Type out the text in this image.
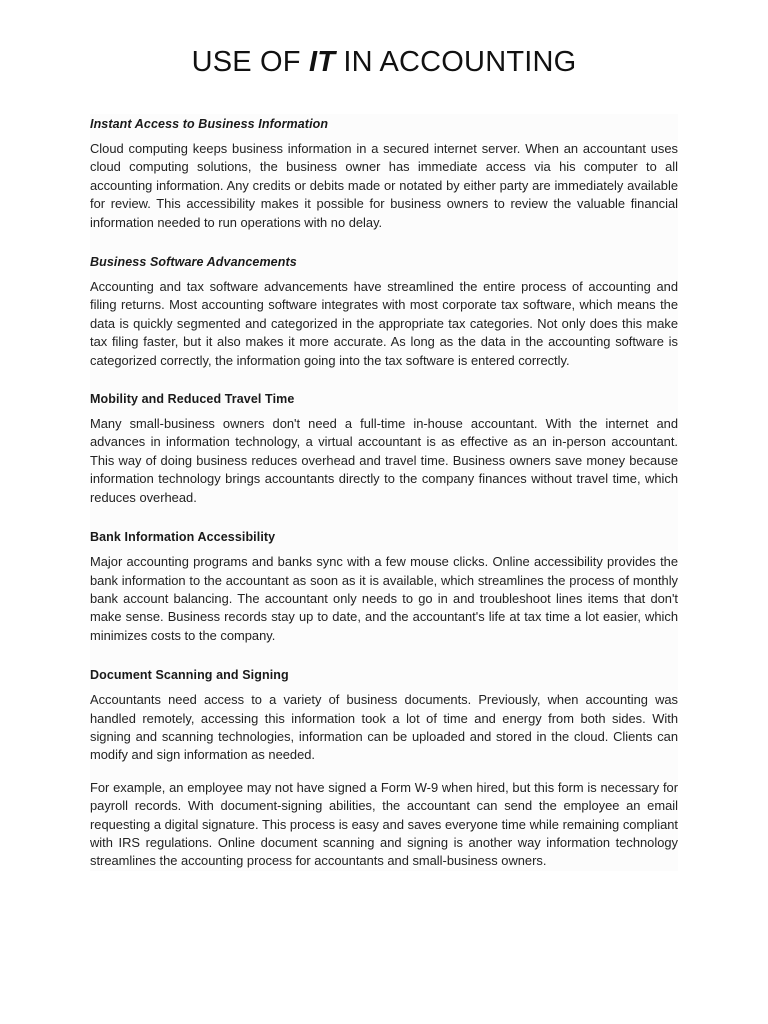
USE OF IT IN ACCOUNTING
Instant Access to Business Information

Cloud computing keeps business information in a secured internet server. When an accountant uses cloud computing solutions, the business owner has immediate access via his computer to all accounting information. Any credits or debits made or notated by either party are immediately available for review. This accessibility makes it possible for business owners to review the valuable financial information needed to run operations with no delay.

Business Software Advancements

Accounting and tax software advancements have streamlined the entire process of accounting and filing returns. Most accounting software integrates with most corporate tax software, which means the data is quickly segmented and categorized in the appropriate tax categories. Not only does this make tax filing faster, but it also makes it more accurate. As long as the data in the accounting software is categorized correctly, the information going into the tax software is entered correctly.

Mobility and Reduced Travel Time

Many small-business owners don't need a full-time in-house accountant. With the internet and advances in information technology, a virtual accountant is as effective as an in-person accountant. This way of doing business reduces overhead and travel time. Business owners save money because information technology brings accountants directly to the company finances without travel time, which reduces overhead.

Bank Information Accessibility

Major accounting programs and banks sync with a few mouse clicks. Online accessibility provides the bank information to the accountant as soon as it is available, which streamlines the process of monthly bank account balancing. The accountant only needs to go in and troubleshoot lines items that don't make sense. Business records stay up to date, and the accountant's life at tax time a lot easier, which minimizes costs to the company.

Document Scanning and Signing

Accountants need access to a variety of business documents. Previously, when accounting was handled remotely, accessing this information took a lot of time and energy from both sides. With signing and scanning technologies, information can be uploaded and stored in the cloud. Clients can modify and sign information as needed.

For example, an employee may not have signed a Form W-9 when hired, but this form is necessary for payroll records. With document-signing abilities, the accountant can send the employee an email requesting a digital signature. This process is easy and saves everyone time while remaining compliant with IRS regulations. Online document scanning and signing is another way information technology streamlines the accounting process for accountants and small-business owners.
